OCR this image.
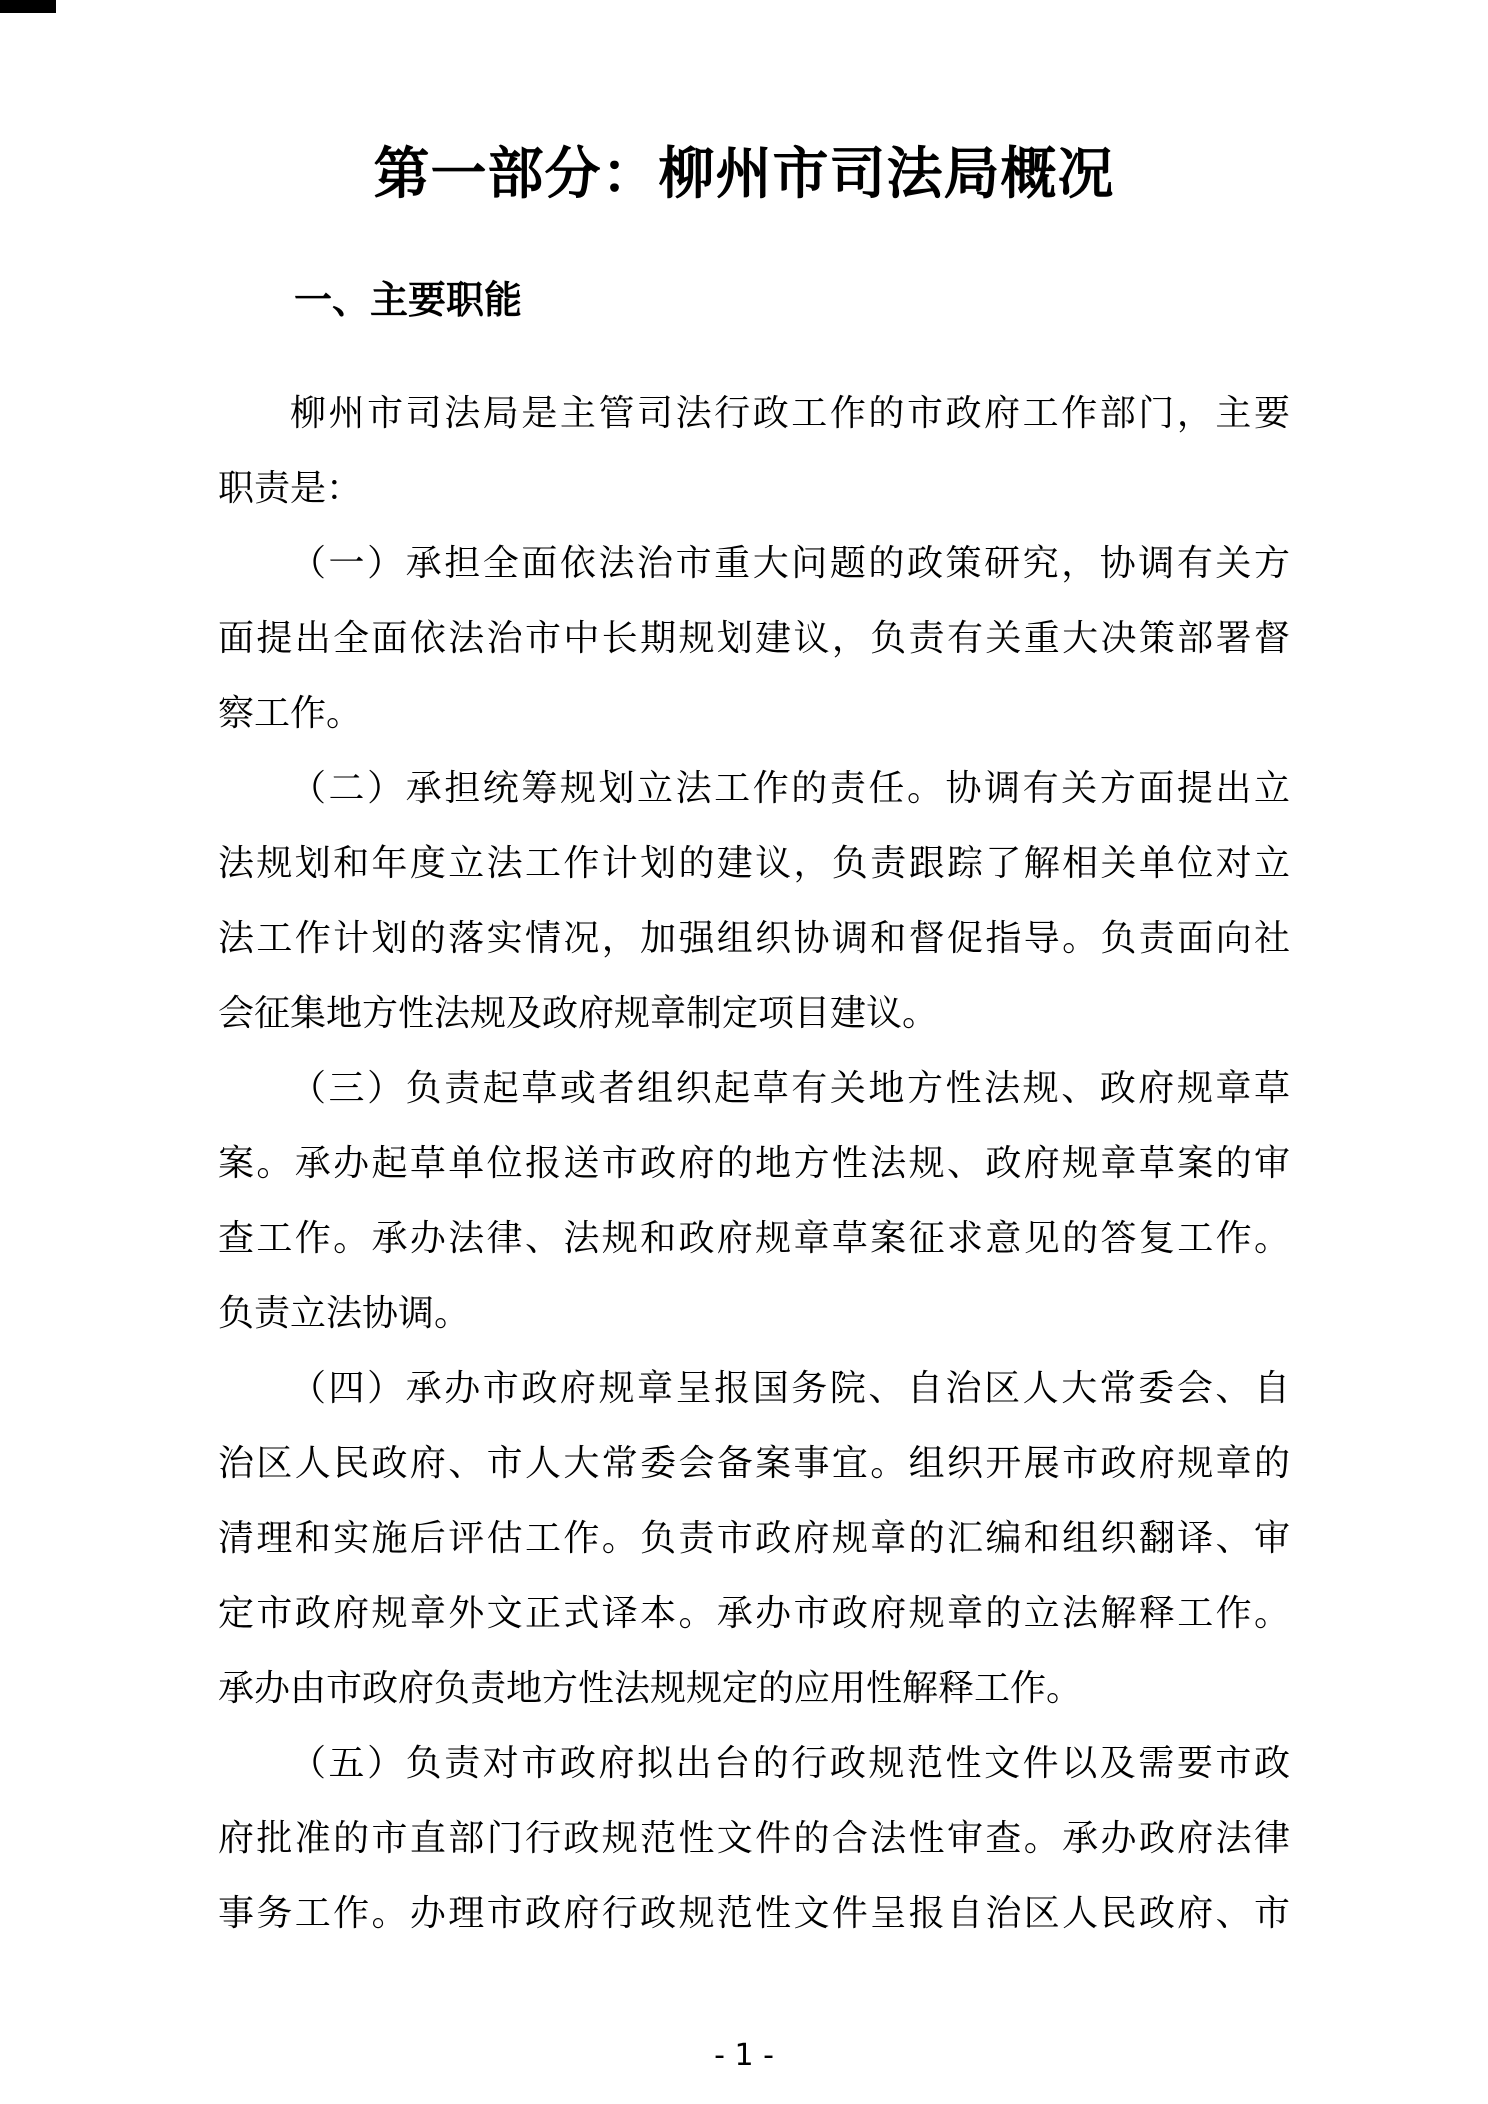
第一部分：柳州市司法局概况
一、主要职能
柳州市司法局是主管司法行政工作的市政府工作部门，主要
职责是：
（一）承担全面依法治市重大问题的政策研究，协调有关方
面提出全面依法治市中长期规划建议，负责有关重大决策部署督
察工作。
（二）承担统筹规划立法工作的责任。协调有关方面提出立
法规划和年度立法工作计划的建议，负责跟踪了解相关单位对立
法工作计划的落实情况，加强组织协调和督促指导。负责面向社
会征集地方性法规及政府规章制定项目建议。
（三）负责起草或者组织起草有关地方性法规、政府规章草
案。承办起草单位报送市政府的地方性法规、政府规章草案的审
查工作。承办法律、法规和政府规章草案征求意见的答复工作。
负责立法协调。
（四）承办市政府规章呈报国务院、自治区人大常委会、自
治区人民政府、市人大常委会备案事宜。组织开展市政府规章的
清理和实施后评估工作。负责市政府规章的汇编和组织翻译、审
定市政府规章外文正式译本。承办市政府规章的立法解释工作。
承办由市政府负责地方性法规规定的应用性解释工作。
（五）负责对市政府拟出台的行政规范性文件以及需要市政
府批准的市直部门行政规范性文件的合法性审查。承办政府法律
事务工作。办理市政府行政规范性文件呈报自治区人民政府、市
- 1 -
